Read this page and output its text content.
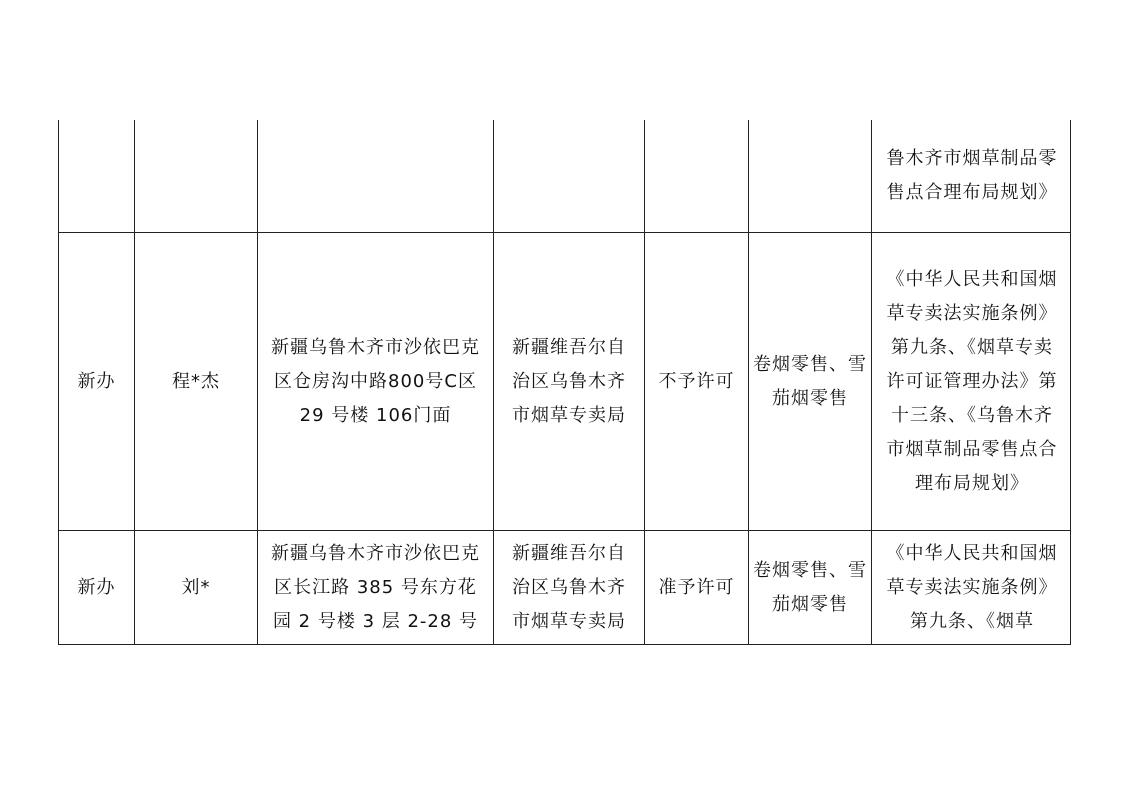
						鲁木齐市烟草制品零售点合理布局规划》

新办	程*杰	新疆乌鲁木齐市沙依巴克区仓房沟中路800号C区 29 号楼 106门面	新疆维吾尔自治区乌鲁木齐市烟草专卖局	不予许可	卷烟零售、雪茄烟零售	《中华人民共和国烟草专卖法实施条例》第九条、《烟草专卖许可证管理办法》第十三条、《乌鲁木齐市烟草制品零售点合理布局规划》

新办	刘*	新疆乌鲁木齐市沙依巴克区长江路 385 号东方花园 2 号楼 3 层 2-28 号	新疆维吾尔自治区乌鲁木齐市烟草专卖局	准予许可	卷烟零售、雪茄烟零售	《中华人民共和国烟草专卖法实施条例》第九条、《烟草
